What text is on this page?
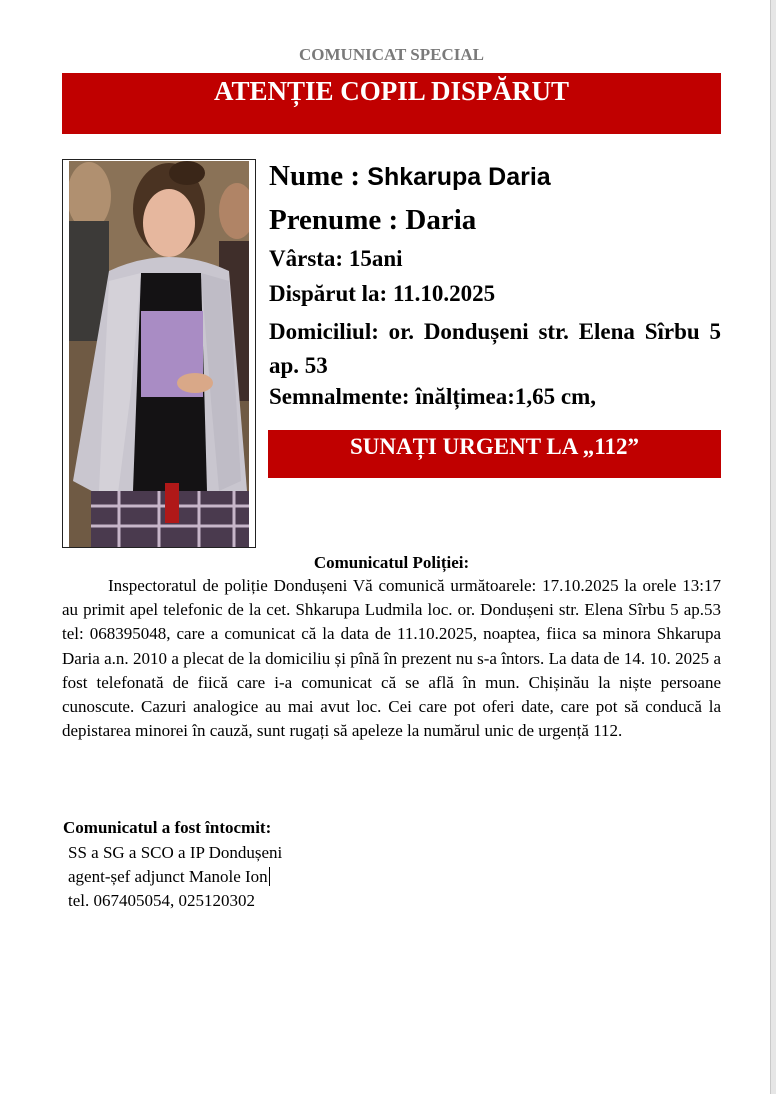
COMUNICAT SPECIAL
ATENȚIE COPIL DISPĂRUT
Nume : Shkarupa Daria
Prenume : Daria
Vârsta: 15ani
Dispărut la: 11.10.2025
Domiciliul: or. Dondușeni str. Elena Sîrbu 5 ap. 53
Semnalmente: înălțimea:1,65 cm,
SUNAȚI URGENT LA „112”
Comunicatul Poliției:
Inspectoratul de poliție Dondușeni Vă comunică următoarele: 17.10.2025 la orele 13:17 au primit apel telefonic de la cet. Shkarupa Ludmila loc. or. Dondușeni str. Elena Sîrbu 5 ap.53 tel: 068395048, care a comunicat că la data de 11.10.2025, noaptea, fiica sa minora Shkarupa Daria a.n. 2010 a plecat de la domiciliu și pînă în prezent nu s-a întors. La data de 14. 10. 2025 a fost telefonată de fiică care i-a comunicat că se află în mun. Chișinău la niște persoane cunoscute. Cazuri analogice au mai avut loc. Cei care pot oferi date, care pot să conducă la depistarea minorei în cauză, sunt rugați să apeleze la numărul unic de urgență 112.
Comunicatul a fost întocmit:
SS a SG a SCO a IP Dondușeni
agent-șef adjunct Manole Ion
tel. 067405054, 025120302
